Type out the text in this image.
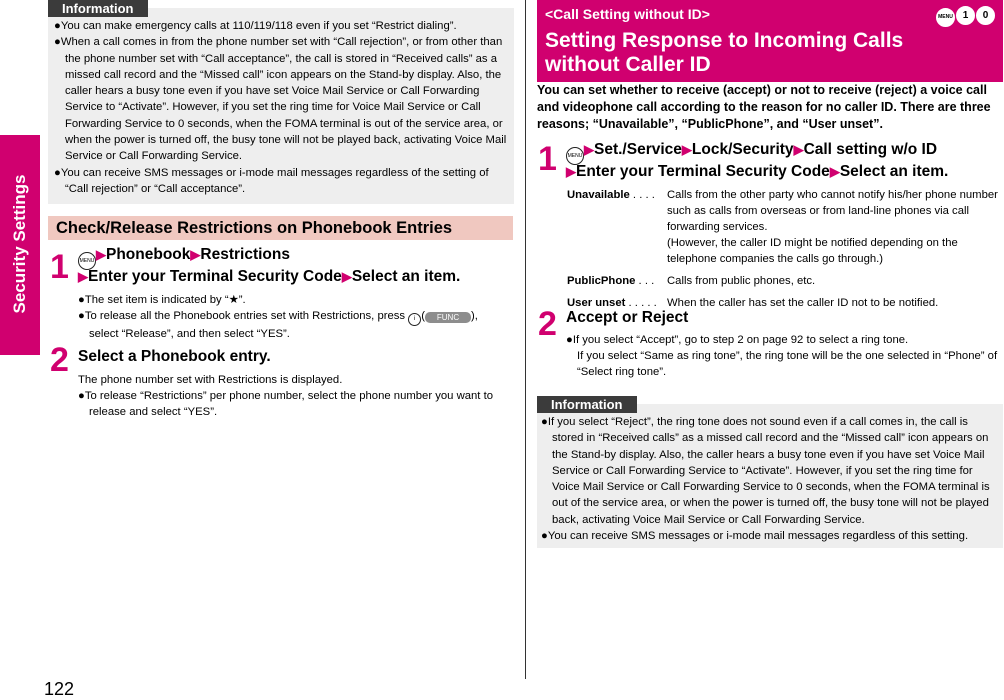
Security Settings
122
Information

●You can make emergency calls at 110/119/118 even if you set “Restrict dialing”.

●When a call comes in from the phone number set with “Call rejection”, or from other than the phone number set with “Call acceptance”, the call is stored in “Received calls” as a missed call record and the “Missed call” icon appears on the Stand-by display. Also, the caller hears a busy tone even if you have set Voice Mail Service or Call Forwarding Service to “Activate”. However, if you set the ring time for Voice Mail Service or Call Forwarding Service to 0 seconds, when the FOMA terminal is out of the service area, or when the power is turned off, the busy tone will not be played back, activating Voice Mail Service or Call Forwarding Service.

●You can receive SMS messages or i-mode mail messages regardless of the setting of “Call rejection” or “Call acceptance”.

Check/Release Restrictions on Phonebook Entries
1	MENU ▶Phonebook▶Restrictions
▶Enter your Terminal Security Code▶Select an item.

●The set item is indicated by “★”.

●To release all the Phonebook entries set with Restrictions, press i ( FUNC ),

select “Release”, and then select “YES”.

2 Select a Phonebook entry.

The phone number set with Restrictions is displayed.

●To release “Restrictions” per phone number, select the phone number you want to release and select “YES”.

<Call Setting without ID>
Setting Response to Incoming Calls without Caller ID
MENU 1 0
You can set whether to receive (accept) or not to receive (reject) a voice call and videophone call according to the reason for no caller ID. There are three reasons; “Unavailable”, “PublicPhone”, and “User unset”.
1	MENU ▶Set./Service▶Lock/Security▶Call setting w/o ID
▶Enter your Terminal Security Code▶Select an item.
Unavailable . . . .	Calls from the other party who cannot notify his/her phone number such as calls from overseas or from land-line phones via call forwarding services.
(However, the caller ID might be notified depending on the telephone companies the calls go through.)
PublicPhone . . .	Calls from public phones, etc.
User unset . . . . . When the caller has set the caller ID not to be notified.
2 Accept or Reject

●If you select “Accept”, go to step 2 on page 92 to select a ring tone.

If you select “Same as ring tone”, the ring tone will be the one selected in “Phone” of “Select ring tone”.

Information

●If you select “Reject”, the ring tone does not sound even if a call comes in, the call is stored in “Received calls” as a missed call record and the “Missed call” icon appears on the Stand-by display. Also, the caller hears a busy tone even if you have set Voice Mail Service or Call Forwarding Service to “Activate”. However, if you set the ring time for Voice Mail Service or Call Forwarding Service to 0 seconds, when the FOMA terminal is out of the service area, or when the power is turned off, the busy tone will not be played back, activating Voice Mail Service or Call Forwarding Service.

●You can receive SMS messages or i-mode mail messages regardless of this setting.
